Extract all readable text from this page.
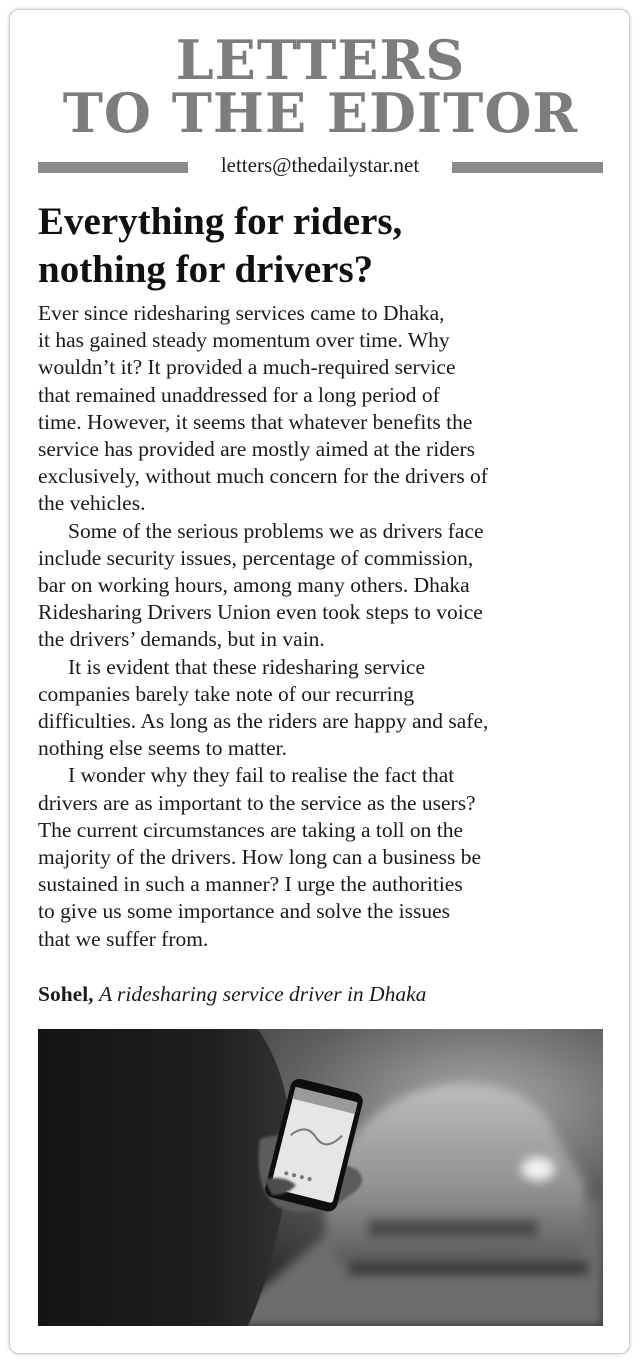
LETTERS
TO THE EDITOR
letters@thedailystar.net
Everything for riders,
nothing for drivers?

Ever since ridesharing services came to Dhaka,
it has gained steady momentum over time. Why
wouldn’t it? It provided a much-required service
that remained unaddressed for a long period of
time. However, it seems that whatever benefits the
service has provided are mostly aimed at the riders
exclusively, without much concern for the drivers of
the vehicles.

Some of the serious problems we as drivers face
include security issues, percentage of commission,
bar on working hours, among many others. Dhaka
Ridesharing Drivers Union even took steps to voice
the drivers’ demands, but in vain.

It is evident that these ridesharing service
companies barely take note of our recurring
difficulties. As long as the riders are happy and safe,
nothing else seems to matter.

I wonder why they fail to realise the fact that
drivers are as important to the service as the users?
The current circumstances are taking a toll on the
majority of the drivers. How long can a business be
sustained in such a manner? I urge the authorities
to give us some importance and solve the issues
that we suffer from.

Sohel, A ridesharing service driver in Dhaka
